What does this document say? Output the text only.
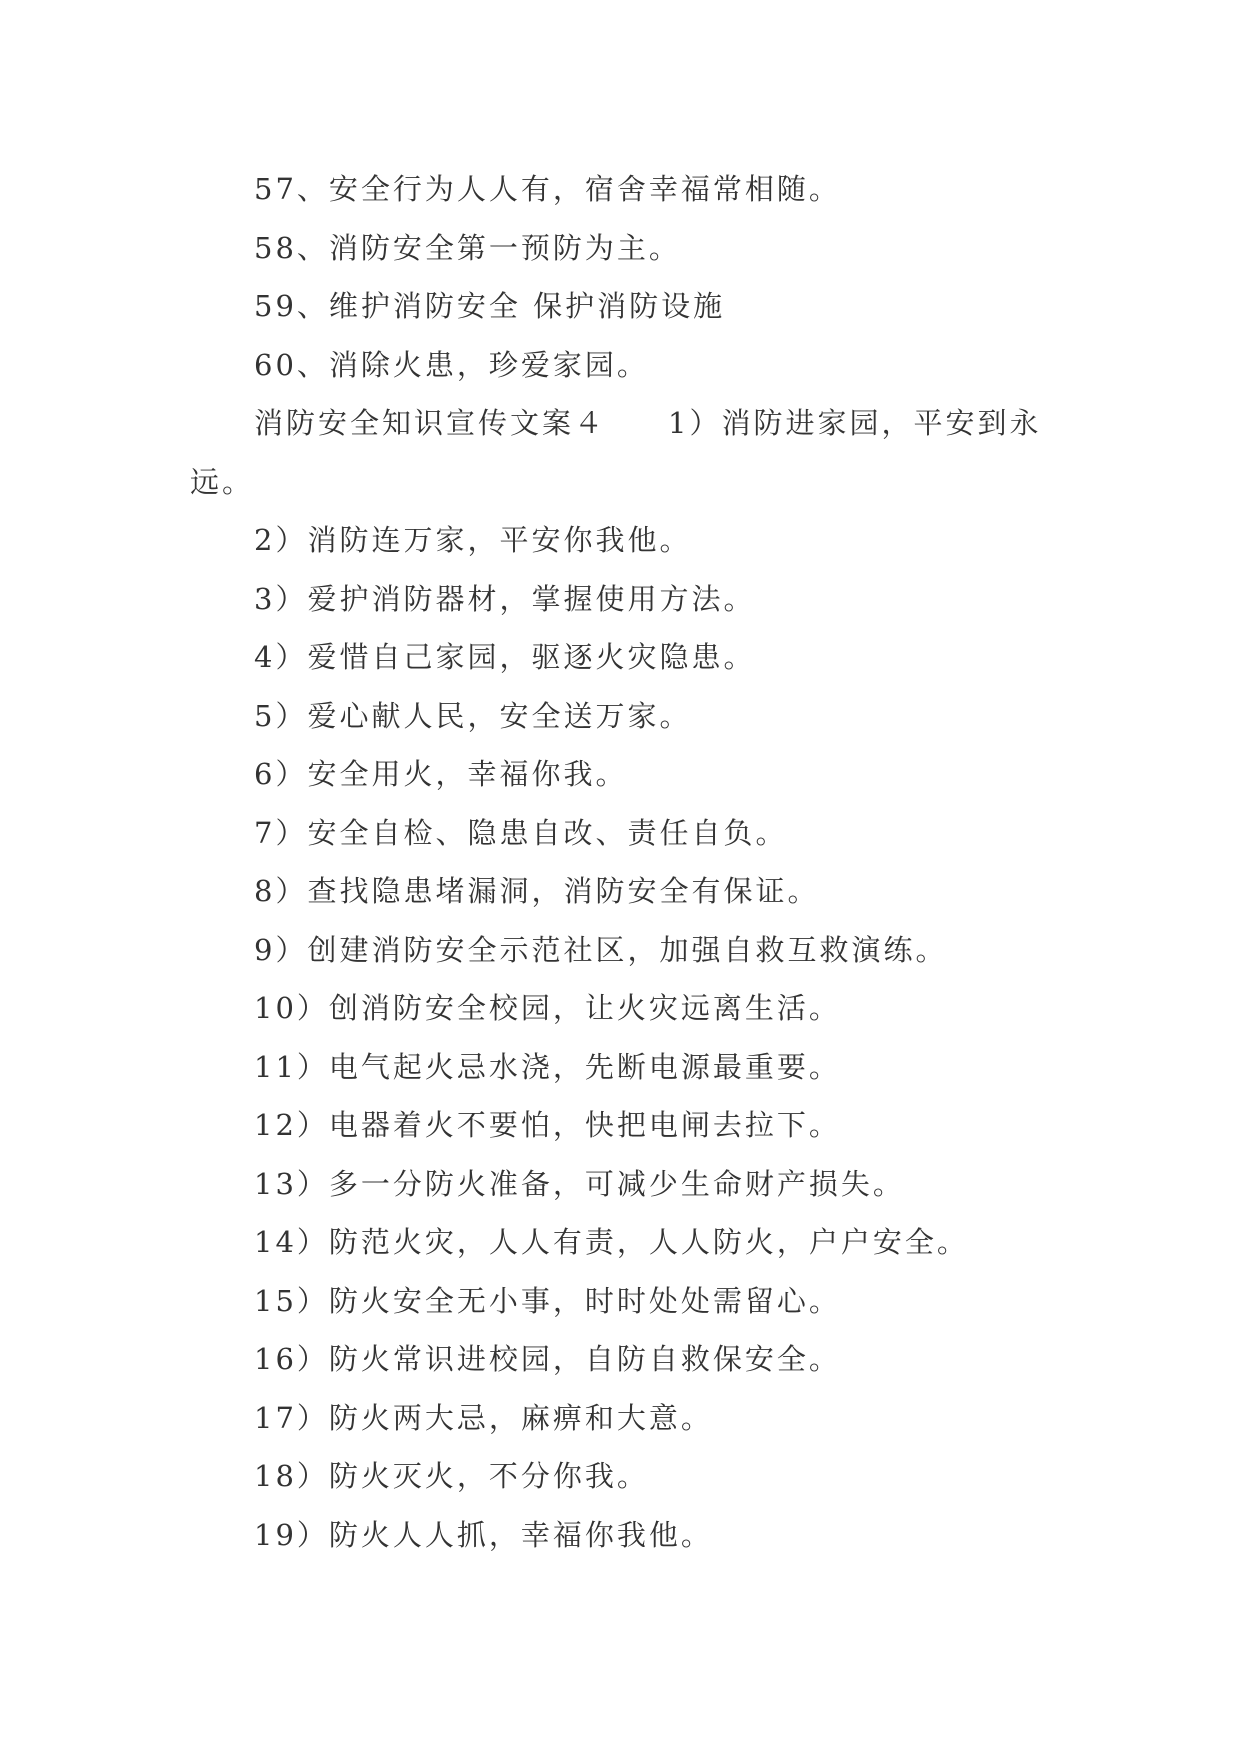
57、安全行为人人有，宿舍幸福常相随。
58、消防安全第一预防为主。
59、维护消防安全 保护消防设施
60、消除火患，珍爱家园。
消防安全知识宣传文案４ 1）消防进家园，平安到永
远。
2）消防连万家，平安你我他。
3）爱护消防器材，掌握使用方法。
4）爱惜自己家园，驱逐火灾隐患。
5）爱心献人民，安全送万家。
6）安全用火，幸福你我。
7）安全自检、隐患自改、责任自负。
8）查找隐患堵漏洞，消防安全有保证。
9）创建消防安全示范社区，加强自救互救演练。
10）创消防安全校园，让火灾远离生活。
11）电气起火忌水浇，先断电源最重要。
12）电器着火不要怕，快把电闸去拉下。
13）多一分防火准备，可减少生命财产损失。
14）防范火灾，人人有责，人人防火，户户安全。
15）防火安全无小事，时时处处需留心。
16）防火常识进校园，自防自救保安全。
17）防火两大忌，麻痹和大意。
18）防火灭火，不分你我。
19）防火人人抓，幸福你我他。
